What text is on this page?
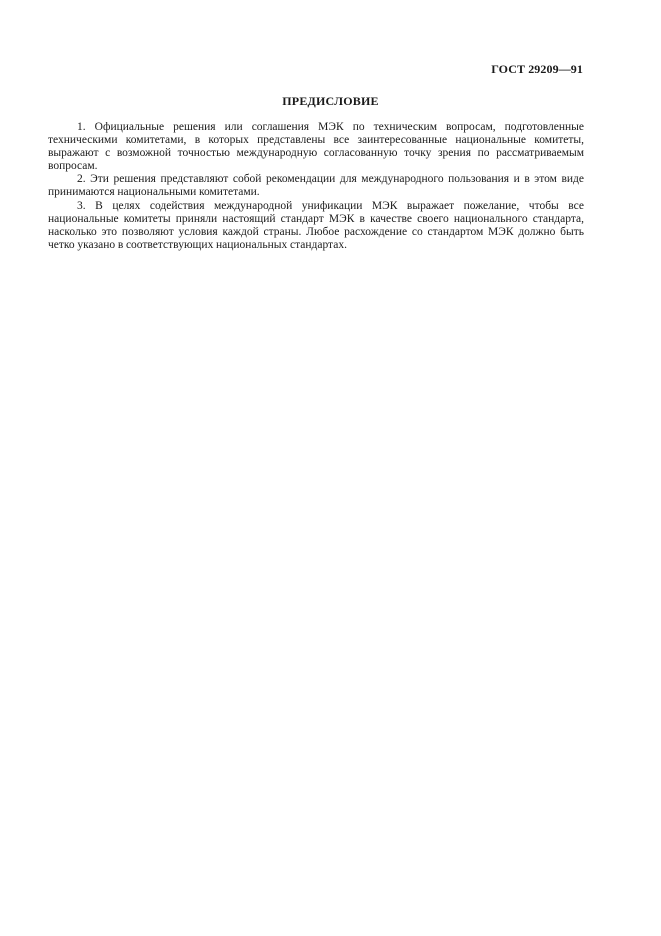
ГОСТ 29209—91
ПРЕДИСЛОВИЕ

1. Официальные решения или соглашения МЭК по техническим вопросам, подготовленные техническими комитетами, в которых представлены все заинтересованные национальные комитеты, выражают с возможной точностью международную согласованную точку зрения по рассматриваемым вопросам.

2. Эти решения представляют собой рекомендации для международного пользования и в этом виде принимаются национальными комитетами.

3. В целях содействия международной унификации МЭК выражает пожелание, чтобы все национальные комитеты приняли настоящий стандарт МЭК в качестве своего национального стандарта, насколько это позволяют условия каждой страны. Любое расхождение со стандартом МЭК должно быть четко указано в соответствующих национальных стандартах.
